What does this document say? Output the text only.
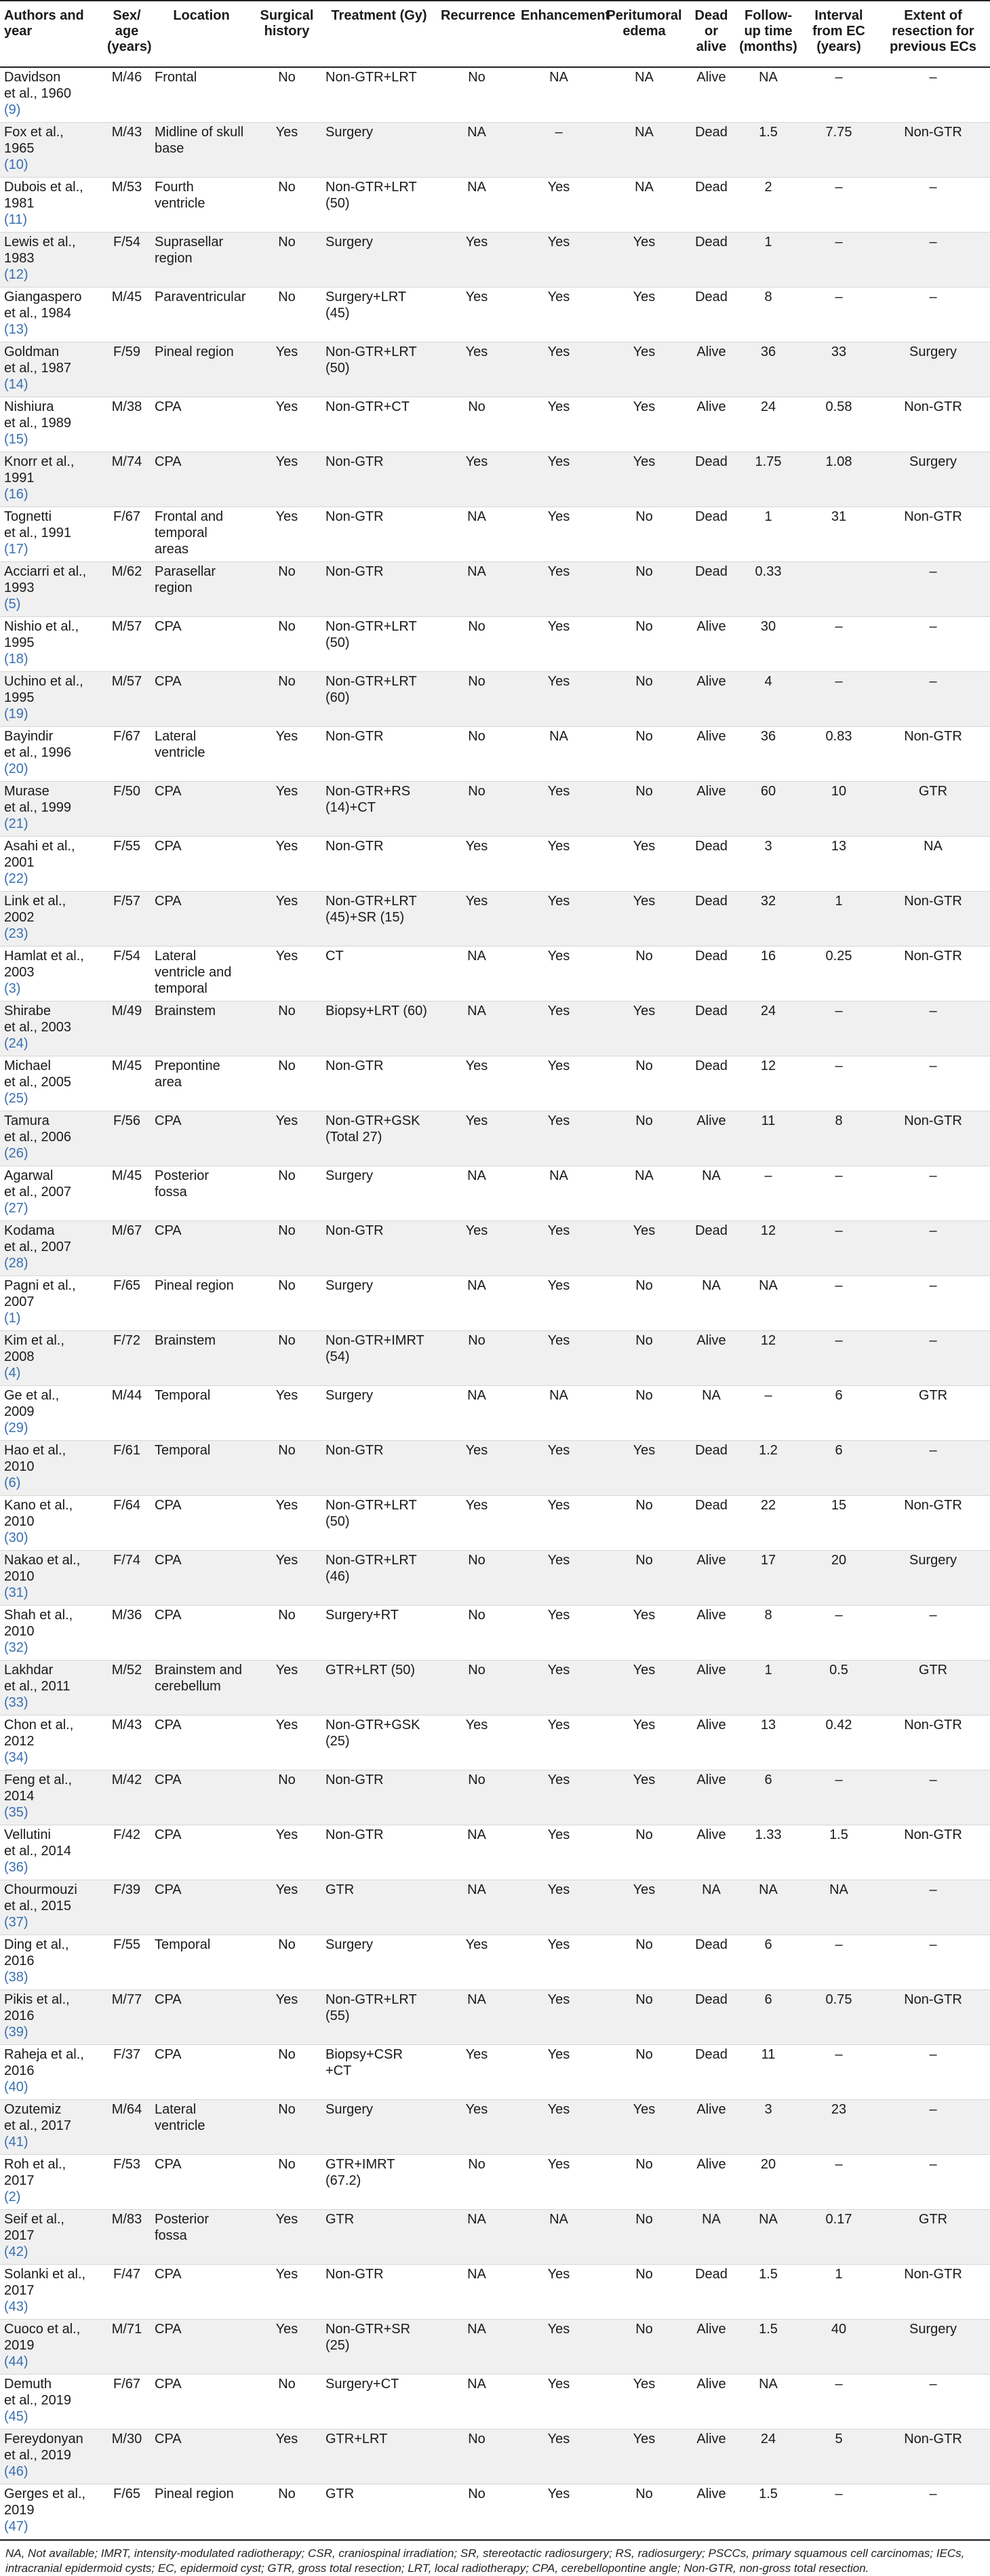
Authors and year	Sex/ age (years)	Location	Surgical history	Treatment (Gy)	Recurrence	Enhancement	Peritumoral edema	Dead or alive	Follow- up time (months)	Interval from EC (years)	Extent of resection for previous ECs

Davidson
et al., 1960
(9)	M/46	Frontal	No	Non-GTR+LRT	No	NA	NA	Alive	NA	–	–

Fox et al.,
1965
(10)	M/43	Midline of skull
base	Yes	Surgery	NA	–	NA	Dead	1.5	7.75	Non-GTR

Dubois et al.,
1981
(11)	M/53	Fourth
ventricle	No	Non-GTR+LRT
(50)	NA	Yes	NA	Dead	2	–	–

Lewis et al.,
1983
(12)	F/54	Suprasellar
region	No	Surgery	Yes	Yes	Yes	Dead	1	–	–

Giangaspero
et al., 1984
(13)	M/45	Paraventricular	No	Surgery+LRT
(45)	Yes	Yes	Yes	Dead	8	–	–

Goldman
et al., 1987
(14)	F/59	Pineal region	Yes	Non-GTR+LRT
(50)	Yes	Yes	Yes	Alive	36	33	Surgery

Nishiura
et al., 1989
(15)	M/38	CPA	Yes	Non-GTR+CT	No	Yes	Yes	Alive	24	0.58	Non-GTR

Knorr et al.,
1991
(16)	M/74	CPA	Yes	Non-GTR	Yes	Yes	Yes	Dead	1.75	1.08	Surgery

Tognetti
et al., 1991
(17)	F/67	Frontal and
temporal
areas	Yes	Non-GTR	NA	Yes	No	Dead	1	31	Non-GTR

Acciarri et al.,
1993
(5)	M/62	Parasellar
region	No	Non-GTR	NA	Yes	No	Dead	0.33		–

Nishio et al.,
1995
(18)	M/57	CPA	No	Non-GTR+LRT
(50)	No	Yes	No	Alive	30	–	–

Uchino et al.,
1995
(19)	M/57	CPA	No	Non-GTR+LRT
(60)	No	Yes	No	Alive	4	–	–

Bayindir
et al., 1996
(20)	F/67	Lateral
ventricle	Yes	Non-GTR	No	NA	No	Alive	36	0.83	Non-GTR

Murase
et al., 1999
(21)	F/50	CPA	Yes	Non-GTR+RS
(14)+CT	No	Yes	No	Alive	60	10	GTR

Asahi et al.,
2001
(22)	F/55	CPA	Yes	Non-GTR	Yes	Yes	Yes	Dead	3	13	NA

Link et al.,
2002
(23)	F/57	CPA	Yes	Non-GTR+LRT
(45)+SR (15)	Yes	Yes	Yes	Dead	32	1	Non-GTR

Hamlat et al.,
2003
(3)	F/54	Lateral
ventricle and
temporal	Yes	CT	NA	Yes	No	Dead	16	0.25	Non-GTR

Shirabe
et al., 2003
(24)	M/49	Brainstem	No	Biopsy+LRT (60)	NA	Yes	Yes	Dead	24	–	–

Michael
et al., 2005
(25)	M/45	Prepontine
area	No	Non-GTR	Yes	Yes	No	Dead	12	–	–

Tamura
et al., 2006
(26)	F/56	CPA	Yes	Non-GTR+GSK
(Total 27)	Yes	Yes	No	Alive	11	8	Non-GTR

Agarwal
et al., 2007
(27)	M/45	Posterior
fossa	No	Surgery	NA	NA	NA	NA	–	–	–

Kodama
et al., 2007
(28)	M/67	CPA	No	Non-GTR	Yes	Yes	Yes	Dead	12	–	–

Pagni et al.,
2007
(1)	F/65	Pineal region	No	Surgery	NA	Yes	No	NA	NA	–	–

Kim et al.,
2008
(4)	F/72	Brainstem	No	Non-GTR+IMRT
(54)	No	Yes	No	Alive	12	–	–

Ge et al.,
2009
(29)	M/44	Temporal	Yes	Surgery	NA	NA	No	NA	–	6	GTR

Hao et al.,
2010
(6)	F/61	Temporal	No	Non-GTR	Yes	Yes	Yes	Dead	1.2	6	–

Kano et al.,
2010
(30)	F/64	CPA	Yes	Non-GTR+LRT
(50)	Yes	Yes	No	Dead	22	15	Non-GTR

Nakao et al.,
2010
(31)	F/74	CPA	Yes	Non-GTR+LRT
(46)	No	Yes	No	Alive	17	20	Surgery

Shah et al.,
2010
(32)	M/36	CPA	No	Surgery+RT	No	Yes	Yes	Alive	8	–	–

Lakhdar
et al., 2011
(33)	M/52	Brainstem and
cerebellum	Yes	GTR+LRT (50)	No	Yes	Yes	Alive	1	0.5	GTR

Chon et al.,
2012
(34)	M/43	CPA	Yes	Non-GTR+GSK
(25)	Yes	Yes	Yes	Alive	13	0.42	Non-GTR

Feng et al.,
2014
(35)	M/42	CPA	No	Non-GTR	No	Yes	Yes	Alive	6	–	–

Vellutini
et al., 2014
(36)	F/42	CPA	Yes	Non-GTR	NA	Yes	No	Alive	1.33	1.5	Non-GTR

Chourmouzi
et al., 2015
(37)	F/39	CPA	Yes	GTR	NA	Yes	Yes	NA	NA	NA	–

Ding et al.,
2016
(38)	F/55	Temporal	No	Surgery	Yes	Yes	No	Dead	6	–	–

Pikis et al.,
2016
(39)	M/77	CPA	Yes	Non-GTR+LRT
(55)	NA	Yes	No	Dead	6	0.75	Non-GTR

Raheja et al.,
2016
(40)	F/37	CPA	No	Biopsy+CSR
+CT	Yes	Yes	No	Dead	11	–	–

Ozutemiz
et al., 2017
(41)	M/64	Lateral
ventricle	No	Surgery	Yes	Yes	Yes	Alive	3	23	–

Roh et al.,
2017
(2)	F/53	CPA	No	GTR+IMRT
(67.2)	No	Yes	No	Alive	20	–	–

Seif et al.,
2017
(42)	M/83	Posterior
fossa	Yes	GTR	NA	NA	No	NA	NA	0.17	GTR

Solanki et al.,
2017
(43)	F/47	CPA	Yes	Non-GTR	NA	Yes	No	Dead	1.5	1	Non-GTR

Cuoco et al.,
2019
(44)	M/71	CPA	Yes	Non-GTR+SR
(25)	NA	Yes	No	Alive	1.5	40	Surgery

Demuth
et al., 2019
(45)	F/67	CPA	No	Surgery+CT	NA	Yes	Yes	Alive	NA	–	–

Fereydonyan
et al., 2019
(46)	M/30	CPA	Yes	GTR+LRT	No	Yes	Yes	Alive	24	5	Non-GTR

Gerges et al.,
2019
(47)	F/65	Pineal region	No	GTR	No	Yes	No	Alive	1.5	–	–
NA, Not available; IMRT, intensity-modulated radiotherapy; CSR, craniospinal irradiation; SR, stereotactic radiosurgery; RS, radiosurgery; PSCCs, primary squamous cell carcinomas; IECs, intracranial epidermoid cysts; EC, epidermoid cyst; GTR, gross total resection; LRT, local radiotherapy; CPA, cerebellopontine angle; Non-GTR, non-gross total resection.
